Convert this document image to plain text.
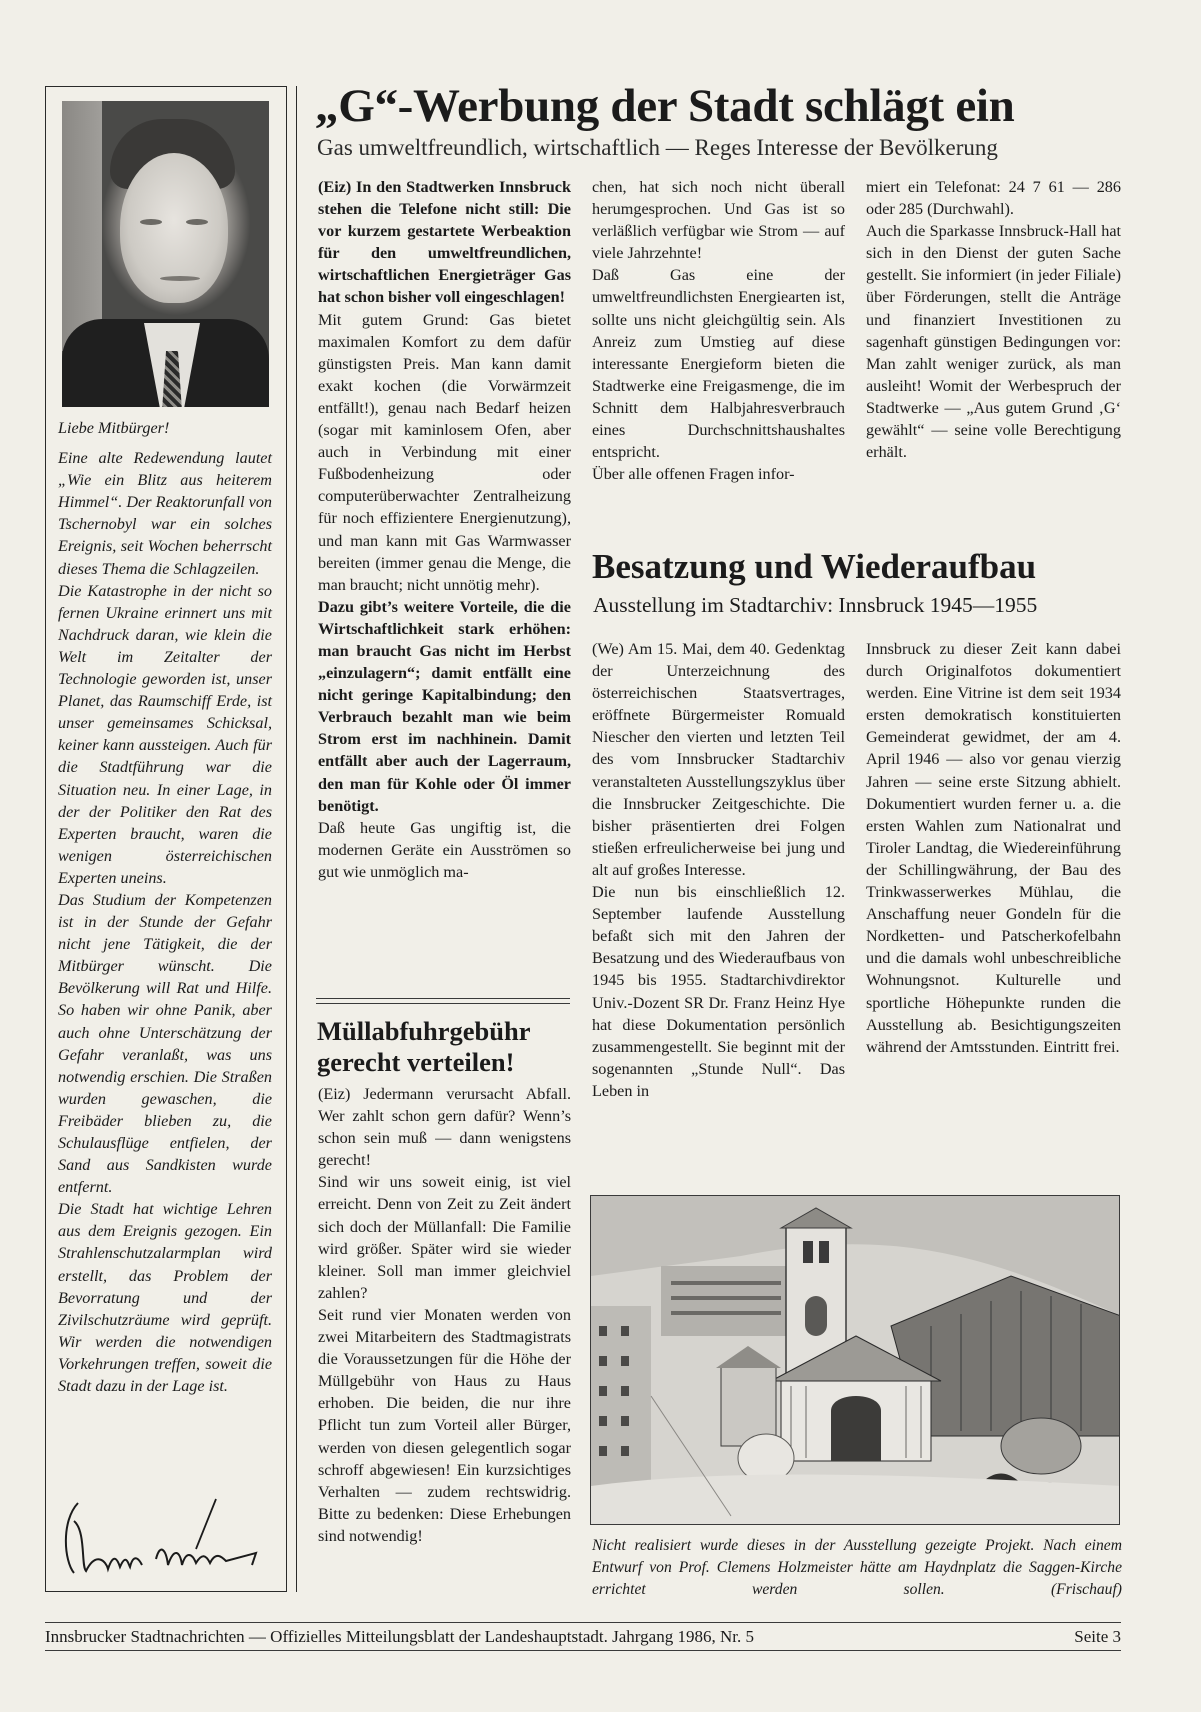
Liebe Mitbürger!

Eine alte Redewendung lautet „Wie ein Blitz aus heiterem Himmel“. Der Reaktorunfall von Tschernobyl war ein solches Ereignis, seit Wochen beherrscht dieses Thema die Schlagzeilen.

Die Katastrophe in der nicht so fernen Ukraine erinnert uns mit Nachdruck daran, wie klein die Welt im Zeitalter der Technologie geworden ist, unser Planet, das Raumschiff Erde, ist unser gemeinsames Schicksal, keiner kann aussteigen. Auch für die Stadtführung war die Situation neu. In einer Lage, in der der Politiker den Rat des Experten braucht, waren die wenigen österreichischen Experten uneins.

Das Studium der Kompetenzen ist in der Stunde der Gefahr nicht jene Tätigkeit, die der Mitbürger wünscht. Die Bevölkerung will Rat und Hilfe. So haben wir ohne Panik, aber auch ohne Unterschätzung der Gefahr veranlaßt, was uns notwendig erschien. Die Straßen wurden gewaschen, die Freibäder blieben zu, die Schulausflüge entfielen, der Sand aus Sandkisten wurde entfernt.

Die Stadt hat wichtige Lehren aus dem Ereignis gezogen. Ein Strahlenschutzalarmplan wird erstellt, das Problem der Bevorratung und der Zivilschutzräume wird geprüft. Wir werden die notwendigen Vorkehrungen treffen, soweit die Stadt dazu in der Lage ist.

„G“-Werbung der Stadt schlägt ein
Gas umweltfreundlich, wirtschaftlich — Reges Interesse der Bevölkerung

(Eiz) In den Stadtwerken Innsbruck stehen die Telefone nicht still: Die vor kurzem gestartete Werbeaktion für den umweltfreundlichen, wirtschaftlichen Energieträger Gas hat schon bisher voll eingeschlagen!

Mit gutem Grund: Gas bietet maximalen Komfort zu dem dafür günstigsten Preis. Man kann damit exakt kochen (die Vorwärmzeit entfällt!), genau nach Bedarf heizen (sogar mit kaminlosem Ofen, aber auch in Verbindung mit einer Fußbodenheizung oder computerüberwachter Zentralheizung für noch effizientere Energienutzung), und man kann mit Gas Warmwasser bereiten (immer genau die Menge, die man braucht; nicht unnötig mehr).

Dazu gibt’s weitere Vorteile, die die Wirtschaftlichkeit stark erhöhen: man braucht Gas nicht im Herbst „einzulagern“; damit entfällt eine nicht geringe Kapitalbindung; den Verbrauch bezahlt man wie beim Strom erst im nachhinein. Damit entfällt aber auch der Lagerraum, den man für Kohle oder Öl immer benötigt.

Daß heute Gas ungiftig ist, die modernen Geräte ein Ausströmen so gut wie unmöglich ma-

chen, hat sich noch nicht überall herumgesprochen. Und Gas ist so verläßlich verfügbar wie Strom — auf viele Jahrzehnte!

Daß Gas eine der umweltfreundlichsten Energiearten ist, sollte uns nicht gleichgültig sein. Als Anreiz zum Umstieg auf diese interessante Energieform bieten die Stadtwerke eine Freigasmenge, die im Schnitt dem Halbjahresverbrauch eines Durchschnittshaushaltes entspricht.

Über alle offenen Fragen infor-

miert ein Telefonat: 24 7 61 — 286 oder 285 (Durchwahl).

Auch die Sparkasse Innsbruck-Hall hat sich in den Dienst der guten Sache gestellt. Sie informiert (in jeder Filiale) über Förderungen, stellt die Anträge und finanziert Investitionen zu sagenhaft günstigen Bedingungen vor: Man zahlt weniger zurück, als man ausleiht! Womit der Werbespruch der Stadtwerke — „Aus gutem Grund ‚G‘ gewählt“ — seine volle Berechtigung erhält.

Müllabfuhrgebühr gerecht verteilen!

(Eiz) Jedermann verursacht Abfall. Wer zahlt schon gern dafür? Wenn’s schon sein muß — dann wenigstens gerecht!

Sind wir uns soweit einig, ist viel erreicht. Denn von Zeit zu Zeit ändert sich doch der Müllanfall: Die Familie wird größer. Später wird sie wieder kleiner. Soll man immer gleichviel zahlen?

Seit rund vier Monaten werden von zwei Mitarbeitern des Stadtmagistrats die Voraussetzungen für die Höhe der Müllgebühr von Haus zu Haus erhoben. Die beiden, die nur ihre Pflicht tun zum Vorteil aller Bürger, werden von diesen gelegentlich sogar schroff abgewiesen! Ein kurzsichtiges Verhalten — zudem rechtswidrig. Bitte zu bedenken: Diese Erhebungen sind notwendig!

Besatzung und Wiederaufbau
Ausstellung im Stadtarchiv: Innsbruck 1945—1955

(We) Am 15. Mai, dem 40. Gedenktag der Unterzeichnung des österreichischen Staatsvertrages, eröffnete Bürgermeister Romuald Niescher den vierten und letzten Teil des vom Innsbrucker Stadtarchiv veranstalteten Ausstellungszyklus über die Innsbrucker Zeitgeschichte. Die bisher präsentierten drei Folgen stießen erfreulicherweise bei jung und alt auf großes Interesse.

Die nun bis einschließlich 12. September laufende Ausstellung befaßt sich mit den Jahren der Besatzung und des Wiederaufbaus von 1945 bis 1955. Stadtarchivdirektor Univ.-Dozent SR Dr. Franz Heinz Hye hat diese Dokumentation persönlich zusammengestellt. Sie beginnt mit der sogenannten „Stunde Null“. Das Leben in

Innsbruck zu dieser Zeit kann dabei durch Originalfotos dokumentiert werden. Eine Vitrine ist dem seit 1934 ersten demokratisch konstituierten Gemeinderat gewidmet, der am 4. April 1946 — also vor genau vierzig Jahren — seine erste Sitzung abhielt. Dokumentiert wurden ferner u. a. die ersten Wahlen zum Nationalrat und Tiroler Landtag, die Wiedereinführung der Schillingwährung, der Bau des Trinkwasserwerkes Mühlau, die Anschaffung neuer Gondeln für die Nordketten- und Patscherkofelbahn und die damals wohl unbeschreibliche Wohnungsnot. Kulturelle und sportliche Höhepunkte runden die Ausstellung ab. Besichtigungszeiten während der Amtsstunden. Eintritt frei.

Nicht realisiert wurde dieses in der Ausstellung gezeigte Projekt. Nach einem Entwurf von Prof. Clemens Holzmeister hätte am Haydnplatz die Saggen-Kirche errichtet werden sollen. (Frischauf)
Innsbrucker Stadtnachrichten — Offizielles Mitteilungsblatt der Landeshauptstadt. Jahrgang 1986, Nr. 5	Seite 3
